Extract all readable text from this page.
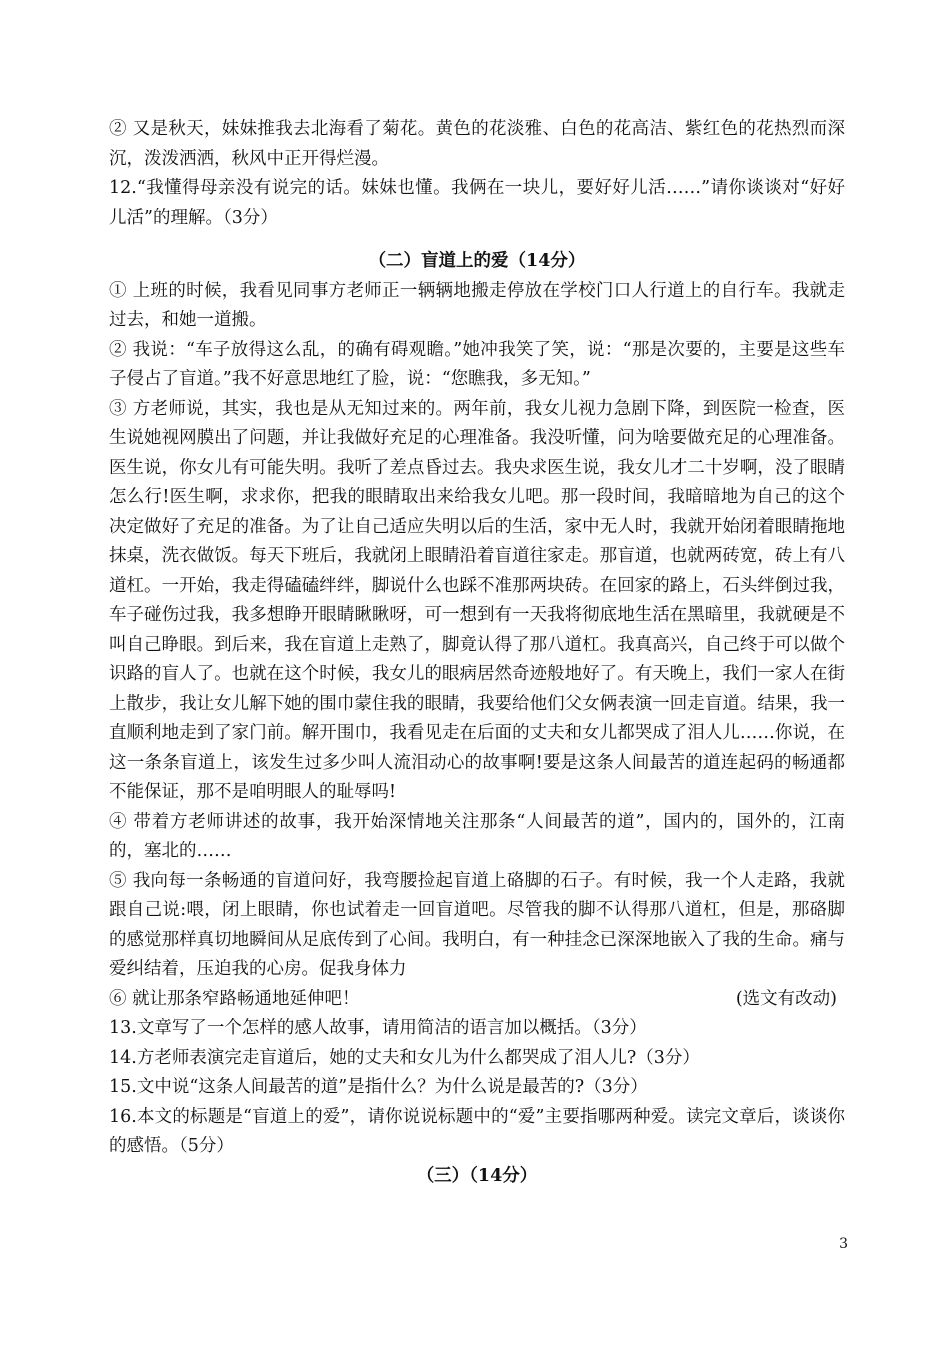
② 又是秋天，妹妹推我去北海看了菊花。黄色的花淡雅、白色的花高洁、紫红色的花热烈而深沉，泼泼洒洒，秋风中正开得烂漫。

12.“我懂得母亲没有说完的话。妹妹也懂。我俩在一块儿，要好好儿活……”请你谈谈对“好好儿活”的理解。（3分）

（二）盲道上的爱（14分）

① 上班的时候，我看见同事方老师正一辆辆地搬走停放在学校门口人行道上的自行车。我就走过去，和她一道搬。

② 我说：“车子放得这么乱，的确有碍观瞻。”她冲我笑了笑，说：“那是次要的，主要是这些车子侵占了盲道。”我不好意思地红了脸，说：“您瞧我，多无知。”

③ 方老师说，其实，我也是从无知过来的。两年前，我女儿视力急剧下降，到医院一检查，医生说她视网膜出了问题，并让我做好充足的心理准备。我没听懂，问为啥要做充足的心理准备。医生说，你女儿有可能失明。我听了差点昏过去。我央求医生说，我女儿才二十岁啊，没了眼睛怎么行!医生啊，求求你，把我的眼睛取出来给我女儿吧。那一段时间，我暗暗地为自己的这个决定做好了充足的准备。为了让自己适应失明以后的生活，家中无人时，我就开始闭着眼睛拖地抹桌，洗衣做饭。每天下班后，我就闭上眼睛沿着盲道往家走。那盲道，也就两砖宽，砖上有八道杠。一开始，我走得磕磕绊绊，脚说什么也踩不准那两块砖。在回家的路上，石头绊倒过我，车子碰伤过我，我多想睁开眼睛瞅瞅呀，可一想到有一天我将彻底地生活在黑暗里，我就硬是不叫自己睁眼。到后来，我在盲道上走熟了，脚竟认得了那八道杠。我真高兴，自己终于可以做个识路的盲人了。也就在这个时候，我女儿的眼病居然奇迹般地好了。有天晚上，我们一家人在街上散步，我让女儿解下她的围巾蒙住我的眼睛，我要给他们父女俩表演一回走盲道。结果，我一直顺利地走到了家门前。解开围巾，我看见走在后面的丈夫和女儿都哭成了泪人儿……你说，在这一条条盲道上，该发生过多少叫人流泪动心的故事啊!要是这条人间最苦的道连起码的畅通都不能保证，那不是咱明眼人的耻辱吗!

④ 带着方老师讲述的故事，我开始深情地关注那条“人间最苦的道”，国内的，国外的，江南的，塞北的……

⑤ 我向每一条畅通的盲道问好，我弯腰捡起盲道上硌脚的石子。有时候，我一个人走路，我就跟自己说:喂，闭上眼睛，你也试着走一回盲道吧。尽管我的脚不认得那八道杠，但是，那硌脚的感觉那样真切地瞬间从足底传到了心间。我明白，有一种挂念已深深地嵌入了我的生命。痛与爱纠结着，压迫我的心房。促我身体力

⑥ 就让那条窄路畅通地延伸吧！	(选文有改动)

13.文章写了一个怎样的感人故事，请用简洁的语言加以概括。（3分）

14.方老师表演完走盲道后，她的丈夫和女儿为什么都哭成了泪人儿?（3分）

15.文中说“这条人间最苦的道”是指什么？为什么说是最苦的?（3分）

16.本文的标题是“盲道上的爱”，请你说说标题中的“爱”主要指哪两种爱。读完文章后，谈谈你的感悟。（5分）

（三）（14分）

3
